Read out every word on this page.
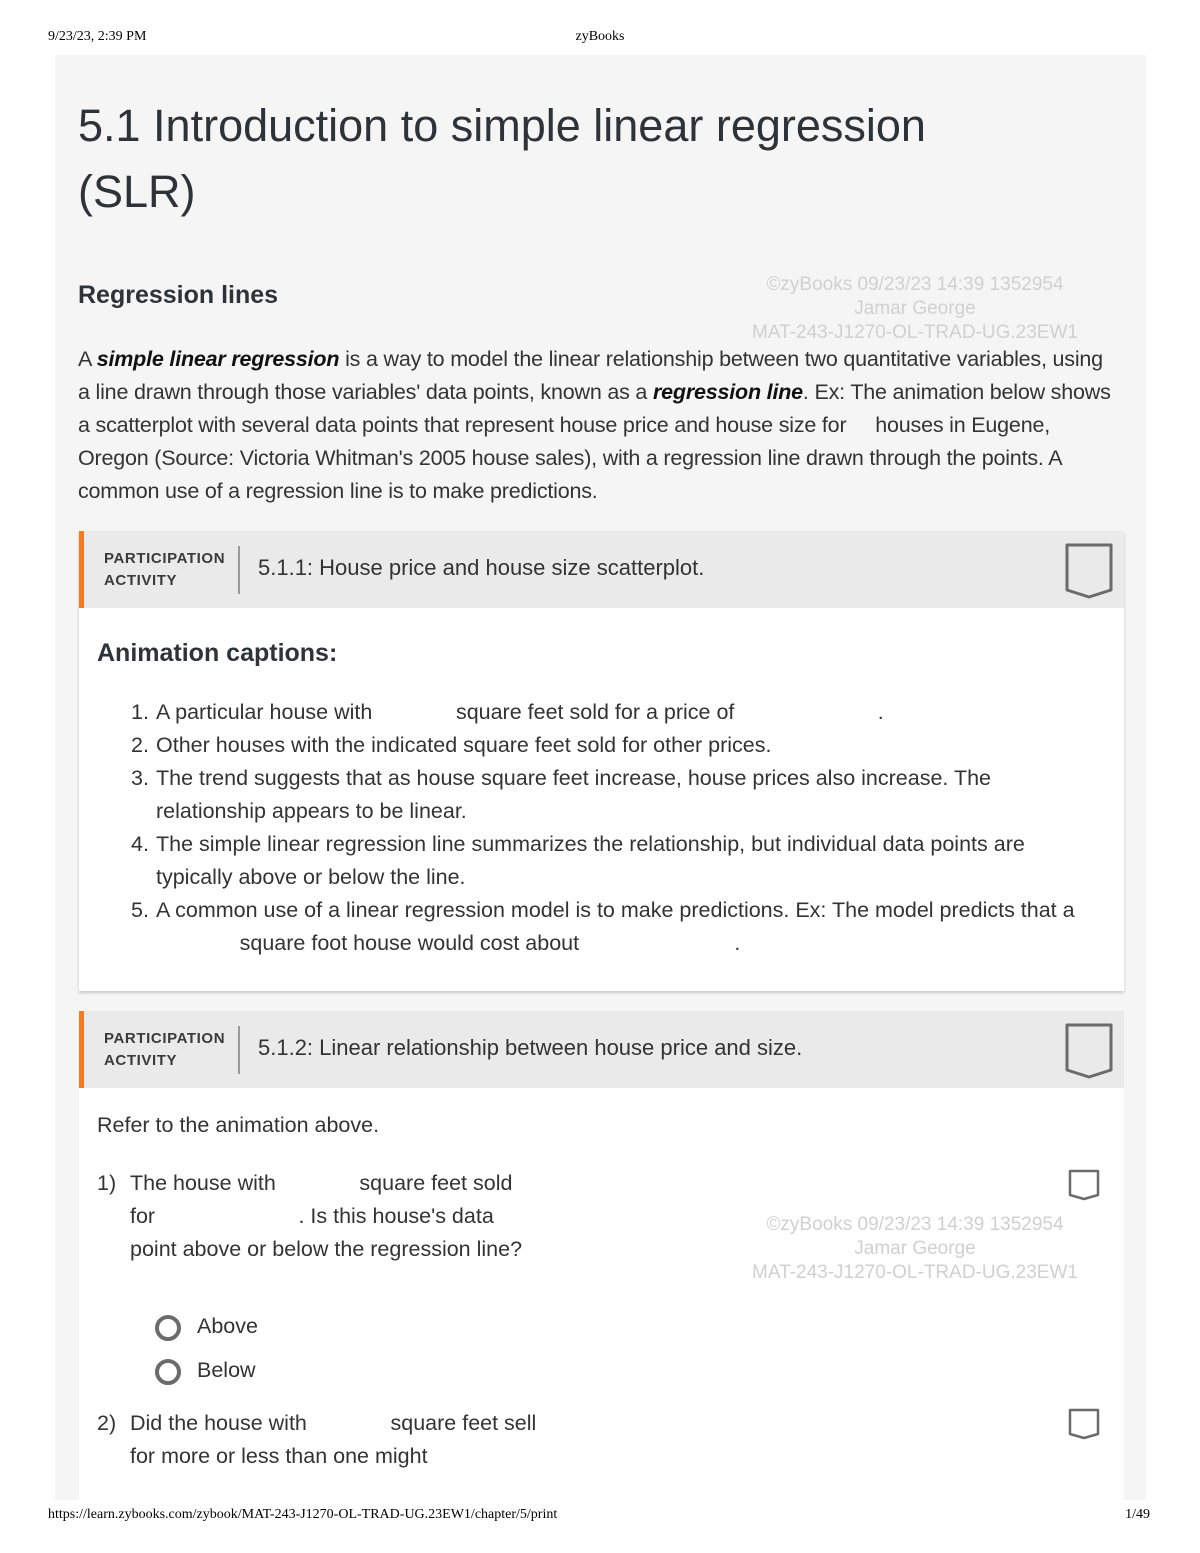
9/23/23, 2:39 PM	zyBooks
5.1 Introduction to simple linear regression (SLR)
Regression lines	©zyBooks 09/23/23 14:39 1352954
Jamar George
MAT-243-J1270-OL-TRAD-UG.23EW1

A simple linear regression is a way to model the linear relationship between two quantitative variables, using a line drawn through those variables' data points, known as a regression line. Ex: The animation below shows a scatterplot with several data points that represent house price and house size for     houses in Eugene, Oregon (Source: Victoria Whitman's 2005 house sales), with a regression line drawn through the points. A common use of a regression line is to make predictions.

PARTICIPATION
ACTIVITY
5.1.1: House price and house size scatterplot.
Animation captions:
1. A particular house with              square feet sold for a price of                        .
2. Other houses with the indicated square feet sold for other prices.
3. The trend suggests that as house square feet increase, house prices also increase. The relationship appears to be linear.
4. The simple linear regression line summarizes the relationship, but individual data points are typically above or below the line.
5. A common use of a linear regression model is to make predictions. Ex: The model predicts that a               square foot house would cost about                          .
PARTICIPATION
ACTIVITY
5.1.2: Linear relationship between house price and size.
Refer to the animation above.
1) The house with              square feet sold for                        . Is this house's data point above or below the regression line?
Above
Below
2) Did the house with              square feet sell for more or less than one might
©zyBooks 09/23/23 14:39 1352954
Jamar George
MAT-243-J1270-OL-TRAD-UG.23EW1
https://learn.zybooks.com/zybook/MAT-243-J1270-OL-TRAD-UG.23EW1/chapter/5/print	1/49
